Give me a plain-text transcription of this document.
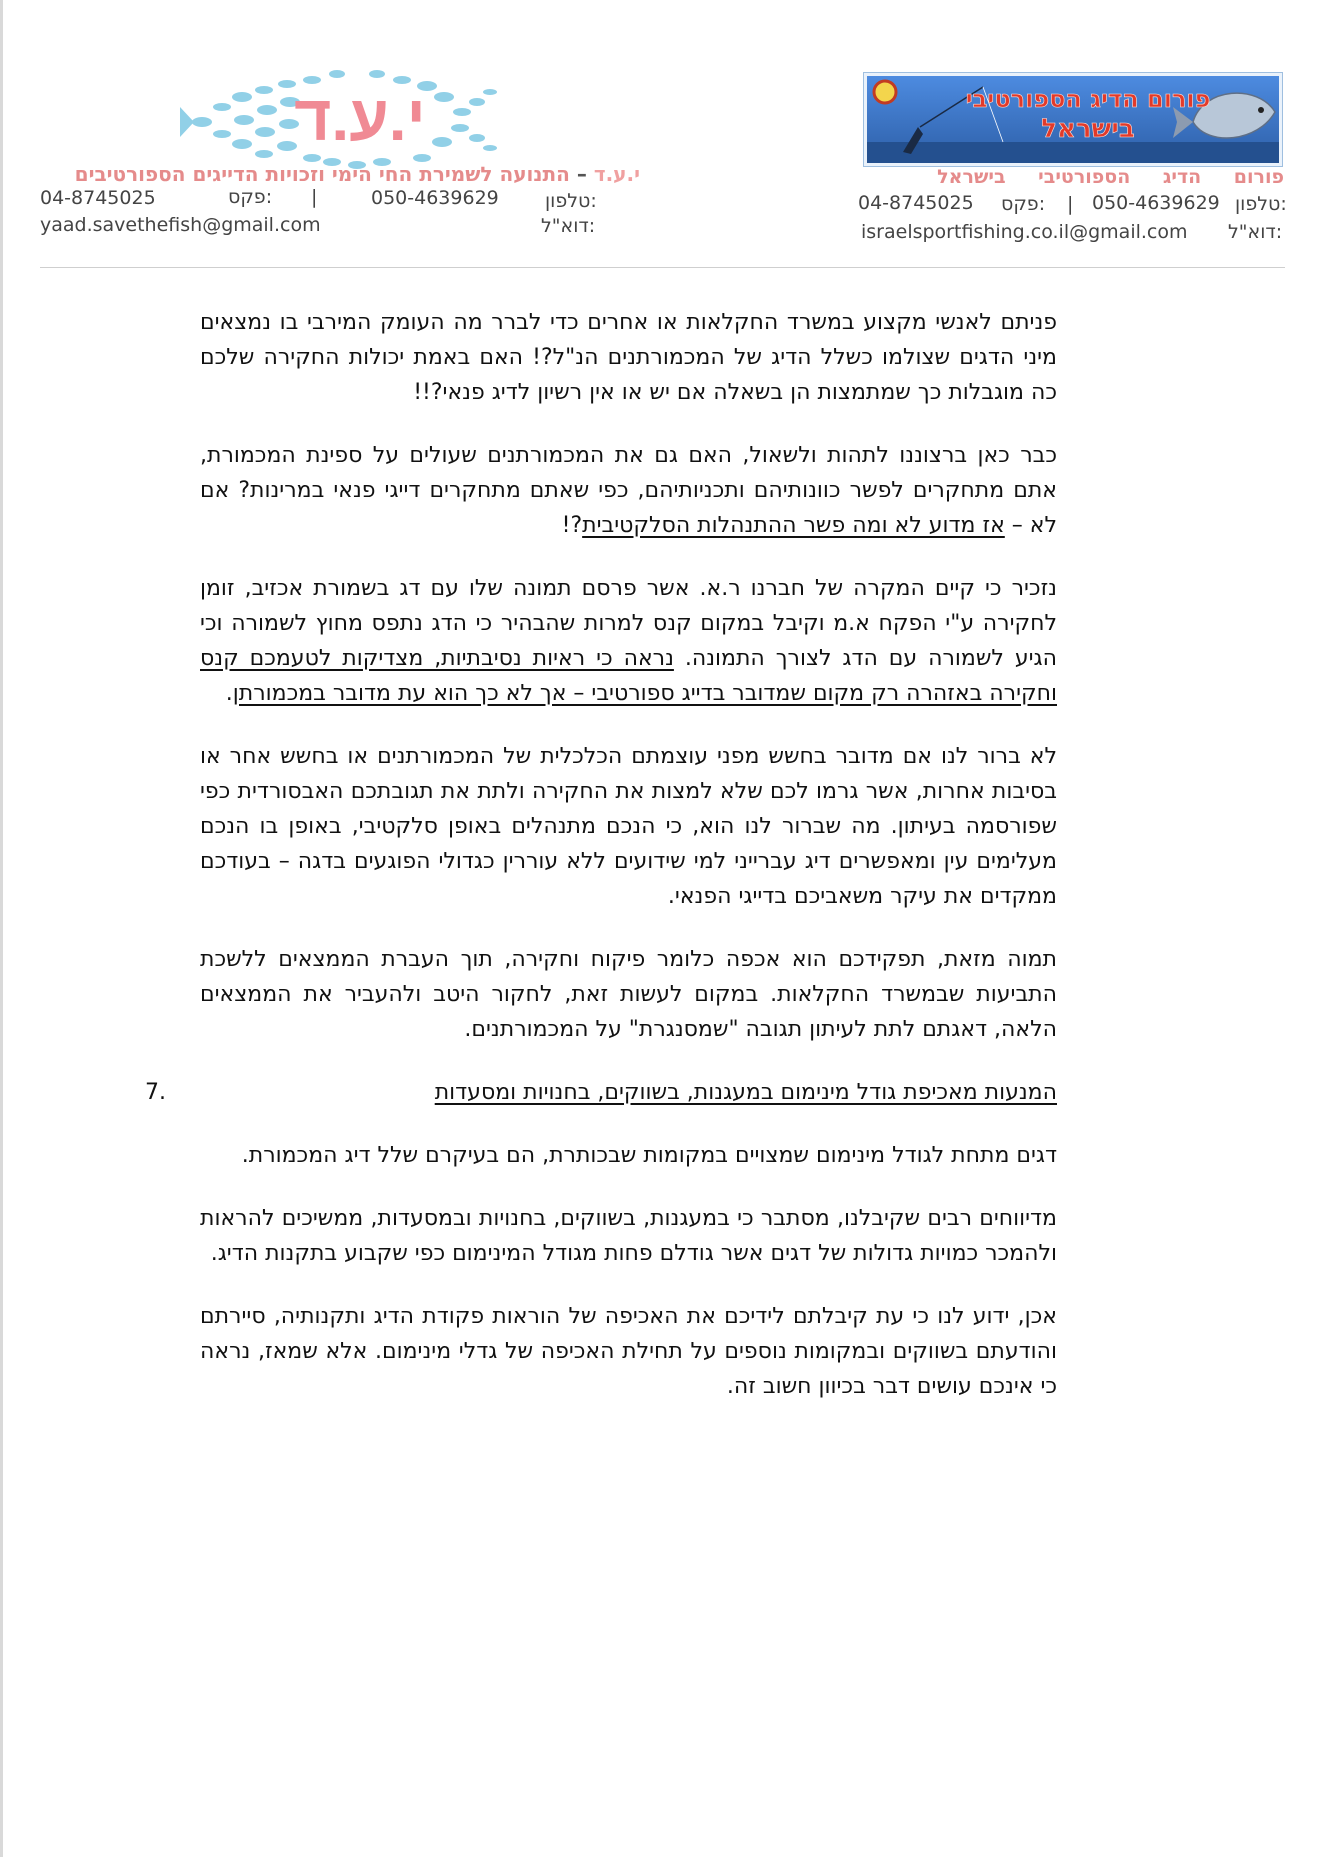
י.ע.ד
י.ע.ד – התנועה לשמירת החי הימי וזכויות הדייגים הספורטיבים
04-8745025	פקס: |	050-4639629 טלפון:
yaad.savethefish@gmail.com	דוא"ל:
פורום הדיג הספורטיבי
בישראל
פורום הדיג הספורטיבי בישראל
04-8745025 פקס: | 050-4639629 טלפון:
israelsportfishing.co.il@gmail.com דוא"ל:

פניתם לאנשי מקצוע במשרד החקלאות או אחרים כדי לברר מה העומק המירבי בו נמצאים מיני הדגים שצולמו כשלל הדיג של המכמורתנים הנ"ל?! האם באמת יכולות החקירה שלכם כה מוגבלות כך שמתמצות הן בשאלה אם יש או אין רשיון לדיג פנאי?!!

כבר כאן ברצוננו לתהות ולשאול, האם גם את המכמורתנים שעולים על ספינת המכמורת, אתם מתחקרים לפשר כוונותיהם ותכניותיהם, כפי שאתם מתחקרים דייגי פנאי במרינות? אם לא – אז מדוע לא ומה פשר ההתנהלות הסלקטיבית?!

נזכיר כי קיים המקרה של חברנו ר.א. אשר פרסם תמונה שלו עם דג בשמורת אכזיב, זומן לחקירה ע"י הפקח א.מ וקיבל במקום קנס למרות שהבהיר כי הדג נתפס מחוץ לשמורה וכי הגיע לשמורה עם הדג לצורך התמונה. נראה כי ראיות נסיבתיות, מצדיקות לטעמכם קנס וחקירה באזהרה רק מקום שמדובר בדייג ספורטיבי – אך לא כך הוא עת מדובר במכמורתן.

לא ברור לנו אם מדובר בחשש מפני עוצמתם הכלכלית של המכמורתנים או בחשש אחר או בסיבות אחרות, אשר גרמו לכם שלא למצות את החקירה ולתת את תגובתכם האבסורדית כפי שפורסמה בעיתון. מה שברור לנו הוא, כי הנכם מתנהלים באופן סלקטיבי, באופן בו הנכם מעלימים עין ומאפשרים דיג עברייני למי שידועים ללא עוררין כגדולי הפוגעים בדגה – בעודכם ממקדים את עיקר משאביכם בדייגי הפנאי.

תמוה מזאת, תפקידכם הוא אכפה כלומר פיקוח וחקירה, תוך העברת הממצאים ללשכת התביעות שבמשרד החקלאות. במקום לעשות זאת, לחקור היטב ולהעביר את הממצאים הלאה, דאגתם לתת לעיתון תגובה "שמסנגרת" על המכמורתנים.

המנעות מאכיפת גודל מינימום במעגנות, בשווקים, בחנויות ומסעדות
7.

דגים מתחת לגודל מינימום שמצויים במקומות שבכותרת, הם בעיקרם שלל דיג המכמורת.

מדיווחים רבים שקיבלנו, מסתבר כי במעגנות, בשווקים, בחנויות ובמסעדות, ממשיכים להראות ולהמכר כמויות גדולות של דגים אשר גודלם פחות מגודל המינימום כפי שקבוע בתקנות הדיג.

אכן, ידוע לנו כי עת קיבלתם לידיכם את האכיפה של הוראות פקודת הדיג ותקנותיה, סיירתם והודעתם בשווקים ובמקומות נוספים על תחילת האכיפה של גדלי מינימום. אלא שמאז, נראה כי אינכם עושים דבר בכיוון חשוב זה.
